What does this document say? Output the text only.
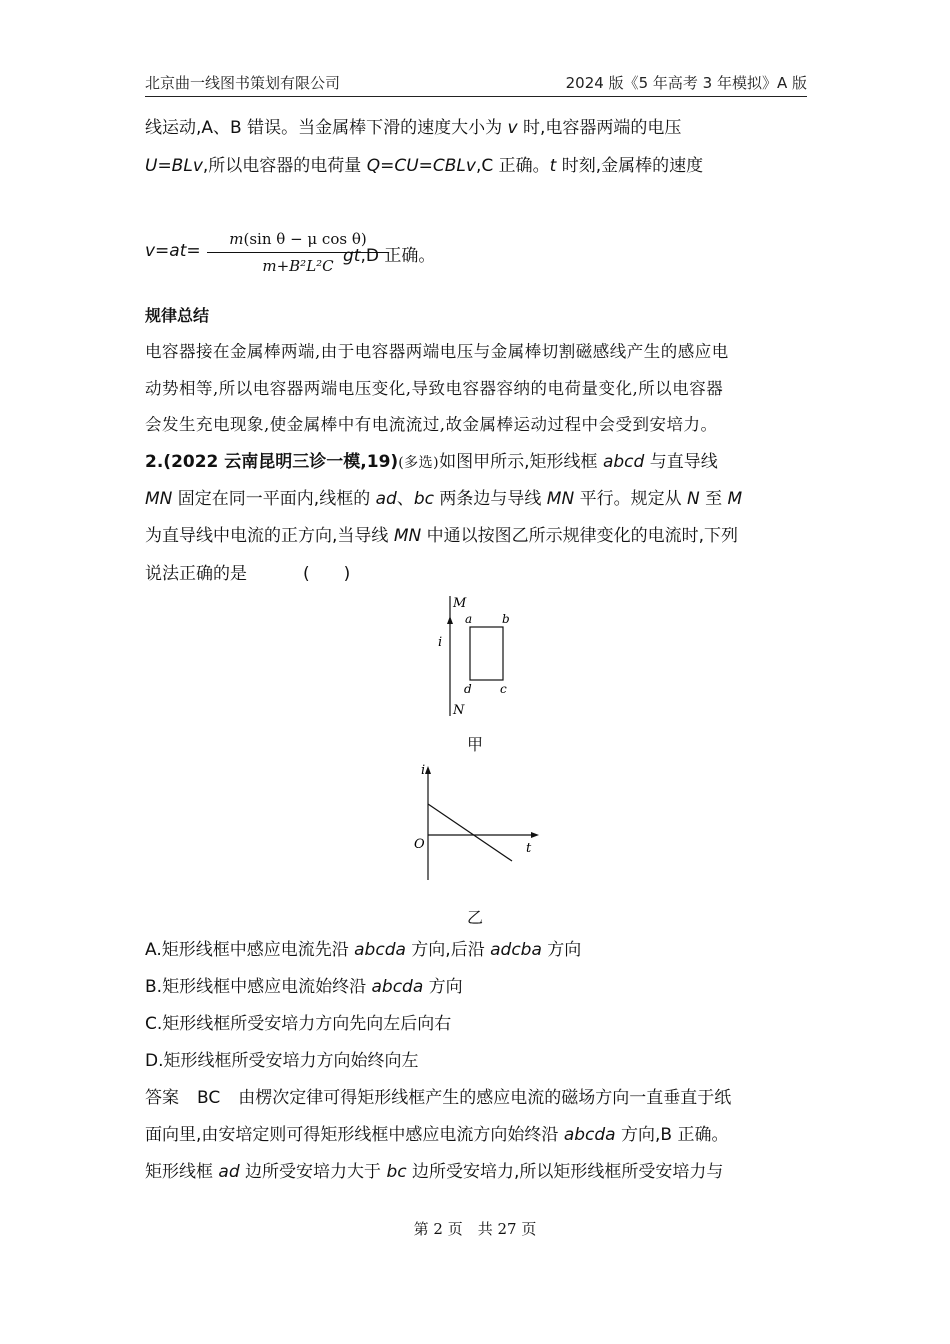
北京曲一线图书策划有限公司	2024 版《5 年高考 3 年模拟》A 版
线运动,A、B 错误。当金属棒下滑的速度大小为 v 时,电容器两端的电压
U=BLv,所以电容器的电荷量 Q=CU=CBLv,C 正确。t 时刻,金属棒的速度
v=at=
m(sin θ − μ cos θ)
m+B²L²C gt,D 正确。
规律总结
电容器接在金属棒两端,由于电容器两端电压与金属棒切割磁感线产生的感应电
动势相等,所以电容器两端电压变化,导致电容器容纳的电荷量变化,所以电容器
会发生充电现象,使金属棒中有电流流过,故金属棒运动过程中会受到安培力。
2.(2022 云南昆明三诊一模,19)(多选)如图甲所示,矩形线框 abcd 与直导线
MN 固定在同一平面内,线框的 ad、bc 两条边与导线 MN 平行。规定从 N 至 M
为直导线中电流的正方向,当导线 MN 中通以按图乙所示规律变化的电流时,下列
说法正确的是	(　　)
M
N
i
a b
d c
甲
i
t
O
乙
A.矩形线框中感应电流先沿 abcda 方向,后沿 adcba 方向
B.矩形线框中感应电流始终沿 abcda 方向
C.矩形线框所受安培力方向先向左后向右
D.矩形线框所受安培力方向始终向左
答案 BC 由楞次定律可得矩形线框产生的感应电流的磁场方向一直垂直于纸
面向里,由安培定则可得矩形线框中感应电流方向始终沿 abcda 方向,B 正确。
矩形线框 ad 边所受安培力大于 bc 边所受安培力,所以矩形线框所受安培力与
第 2 页　共 27 页
